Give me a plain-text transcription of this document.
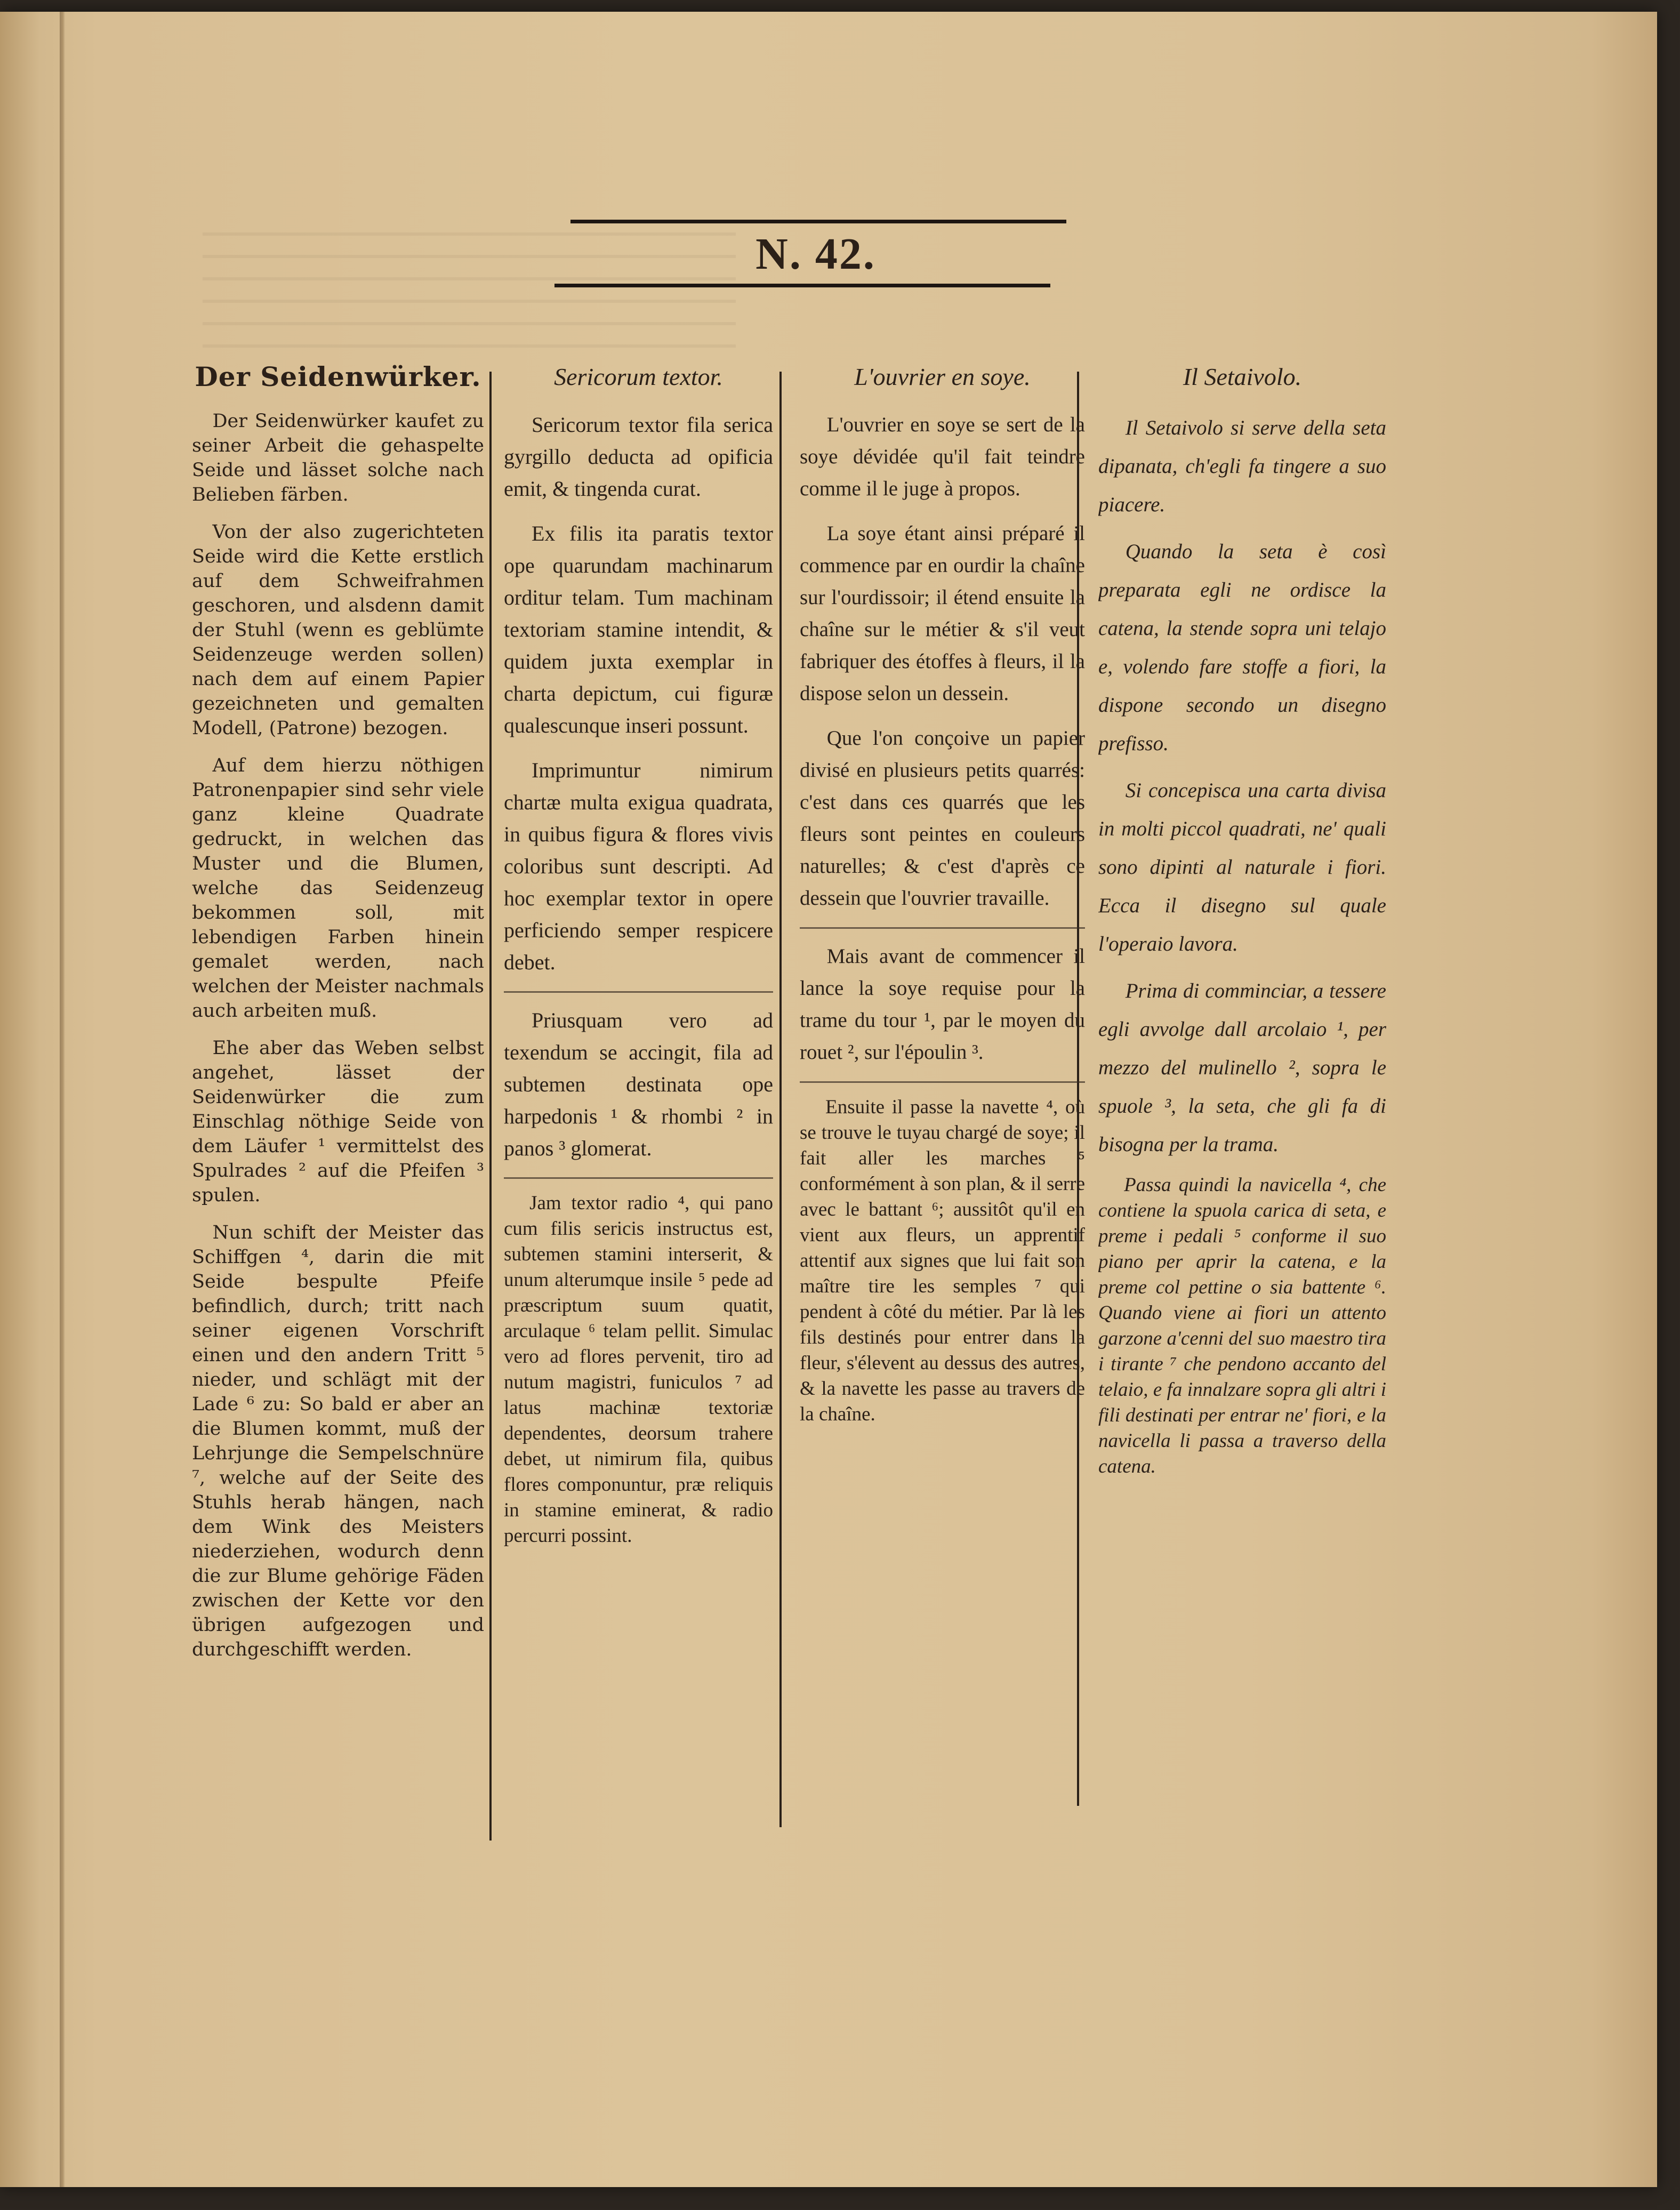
N. 42.
Der Seidenwürker.

Der Seidenwürker kaufet zu seiner Arbeit die gehaspelte Seide und lässet solche nach Belieben färben.

Von der also zugerichteten Seide wird die Kette erstlich auf dem Schweifrahmen geschoren, und alsdenn damit der Stuhl (wenn es geblümte Seidenzeuge werden sollen) nach dem auf einem Papier gezeichneten und gemalten Modell, (Patrone) bezogen.

Auf dem hierzu nöthigen Patronenpapier sind sehr viele ganz kleine Quadrate gedruckt, in welchen das Muster und die Blumen, welche das Seidenzeug bekommen soll, mit lebendigen Farben hinein gemalet werden, nach welchen der Meister nachmals auch arbeiten muß.

Ehe aber das Weben selbst angehet, lässet der Seidenwürker die zum Einschlag nöthige Seide von dem Läufer ¹ vermittelst des Spulrades ² auf die Pfeifen ³ spulen.

Nun schift der Meister das Schiffgen ⁴, darin die mit Seide bespulte Pfeife befindlich, durch; tritt nach seiner eigenen Vorschrift einen und den andern Tritt ⁵ nieder, und schlägt mit der Lade ⁶ zu: So bald er aber an die Blumen kommt, muß der Lehrjunge die Sempelschnüre ⁷, welche auf der Seite des Stuhls herab hängen, nach dem Wink des Meisters niederziehen, wodurch denn die zur Blume gehörige Fäden zwischen der Kette vor den übrigen aufgezogen und durchgeschifft werden.

Sericorum textor.

Sericorum textor fila serica gyrgillo deducta ad opificia emit, & tingenda curat.

Ex filis ita paratis textor ope quarundam machinarum orditur telam. Tum machinam textoriam stamine intendit, & quidem juxta exemplar in charta depictum, cui figuræ qualescunque inseri possunt.

Imprimuntur nimirum chartæ multa exigua quadrata, in quibus figura & flores vivis coloribus sunt descripti. Ad hoc exemplar textor in opere perficiendo semper respicere debet.

Priusquam vero ad texendum se accingit, fila ad subtemen destinata ope harpedonis ¹ & rhombi ² in panos ³ glomerat.

Jam textor radio ⁴, qui pano cum filis sericis instructus est, subtemen stamini interserit, & unum alterumque insile ⁵ pede ad præscriptum suum quatit, arculaque ⁶ telam pellit. Simulac vero ad flores pervenit, tiro ad nutum magistri, funiculos ⁷ ad latus machinæ textoriæ dependentes, deorsum trahere debet, ut nimirum fila, quibus flores componuntur, præ reliquis in stamine eminerat, & radio percurri possint.

L'ouvrier en soye.

L'ouvrier en soye se sert de la soye dévidée qu'il fait teindre comme il le juge à propos.

La soye étant ainsi préparé il commence par en ourdir la chaîne sur l'ourdissoir; il étend ensuite la chaîne sur le métier & s'il veut fabriquer des étoffes à fleurs, il la dispose selon un dessein.

Que l'on conçoive un papier divisé en plusieurs petits quarrés: c'est dans ces quarrés que les fleurs sont peintes en couleurs naturelles; & c'est d'après ce dessein que l'ouvrier travaille.

Mais avant de commencer il lance la soye requise pour la trame du tour ¹, par le moyen du rouet ², sur l'époulin ³.

Ensuite il passe la navette ⁴, où se trouve le tuyau chargé de soye; il fait aller les marches ⁵ conformément à son plan, & il serre avec le battant ⁶; aussitôt qu'il en vient aux fleurs, un apprentif attentif aux signes que lui fait son maître tire les semples ⁷ qui pendent à côté du métier. Par là les fils destinés pour entrer dans la fleur, s'élevent au dessus des autres, & la navette les passe au travers de la chaîne.

Il Setaivolo.

Il Setaivolo si serve della seta dipanata, ch'egli fa tingere a suo piacere.

Quando la seta è così preparata egli ne ordisce la catena, la stende sopra uni telajo e, volendo fare stoffe a fiori, la dispone secondo un disegno prefisso.

Si concepisca una carta divisa in molti piccol quadrati, ne' quali sono dipinti al naturale i fiori. Ecca il disegno sul quale l'operaio lavora.

Prima di comminciar, a tessere egli avvolge dall arcolaio ¹, per mezzo del mulinello ², sopra le spuole ³, la seta, che gli fa di bisogna per la trama.

Passa quindi la navicella ⁴, che contiene la spuola carica di seta, e preme i pedali ⁵ conforme il suo piano per aprir la catena, e la preme col pettine o sia battente ⁶. Quando viene ai fiori un attento garzone a'cenni del suo maestro tira i tirante ⁷ che pendono accanto del telaio, e fa innalzare sopra gli altri i fili destinati per entrar ne' fiori, e la navicella li passa a traverso della catena.
